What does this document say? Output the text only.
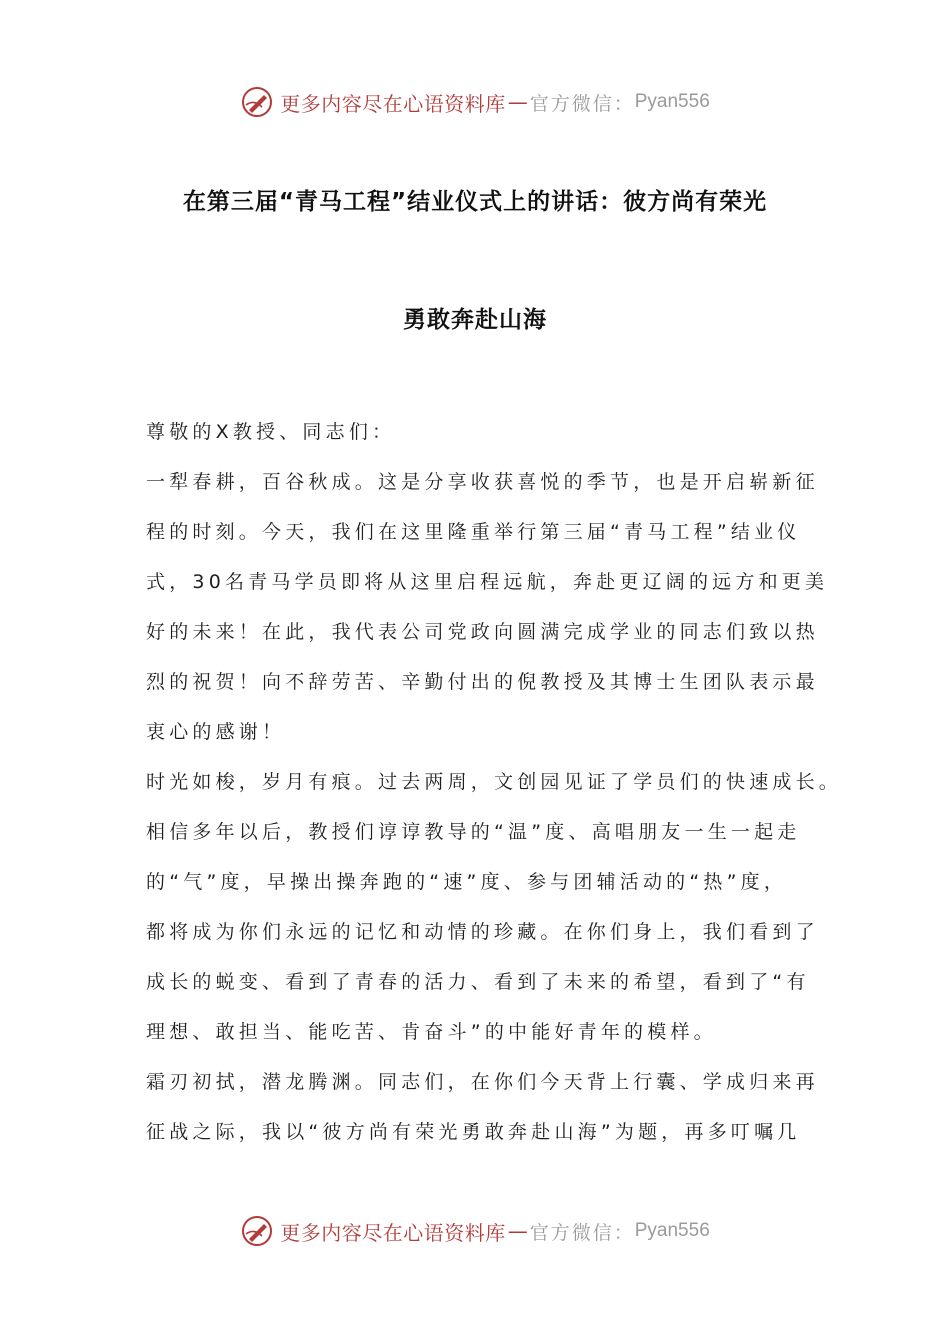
更多内容尽在心语资料库 — 官方微信： Pyan556
在第三届“青马工程”结业仪式上的讲话：彼方尚有荣光
勇敢奔赴山海
尊敬的X教授、同志们：
一犁春耕，百谷秋成。这是分享收获喜悦的季节，也是开启崭新征
程的时刻。今天，我们在这里隆重举行第三届“青马工程”结业仪
式，30名青马学员即将从这里启程远航，奔赴更辽阔的远方和更美
好的未来！在此，我代表公司党政向圆满完成学业的同志们致以热
烈的祝贺！向不辞劳苦、辛勤付出的倪教授及其博士生团队表示最
衷心的感谢！
时光如梭，岁月有痕。过去两周，文创园见证了学员们的快速成长。
相信多年以后，教授们谆谆教导的“温”度、高唱朋友一生一起走
的“气”度，早操出操奔跑的“速”度、参与团辅活动的“热”度，
都将成为你们永远的记忆和动情的珍藏。在你们身上，我们看到了
成长的蜕变、看到了青春的活力、看到了未来的希望，看到了“有
理想、敢担当、能吃苦、肯奋斗”的中能好青年的模样。
霜刃初拭，潜龙腾渊。同志们，在你们今天背上行囊、学成归来再
征战之际，我以“彼方尚有荣光勇敢奔赴山海”为题，再多叮嘱几
更多内容尽在心语资料库 — 官方微信： Pyan556
